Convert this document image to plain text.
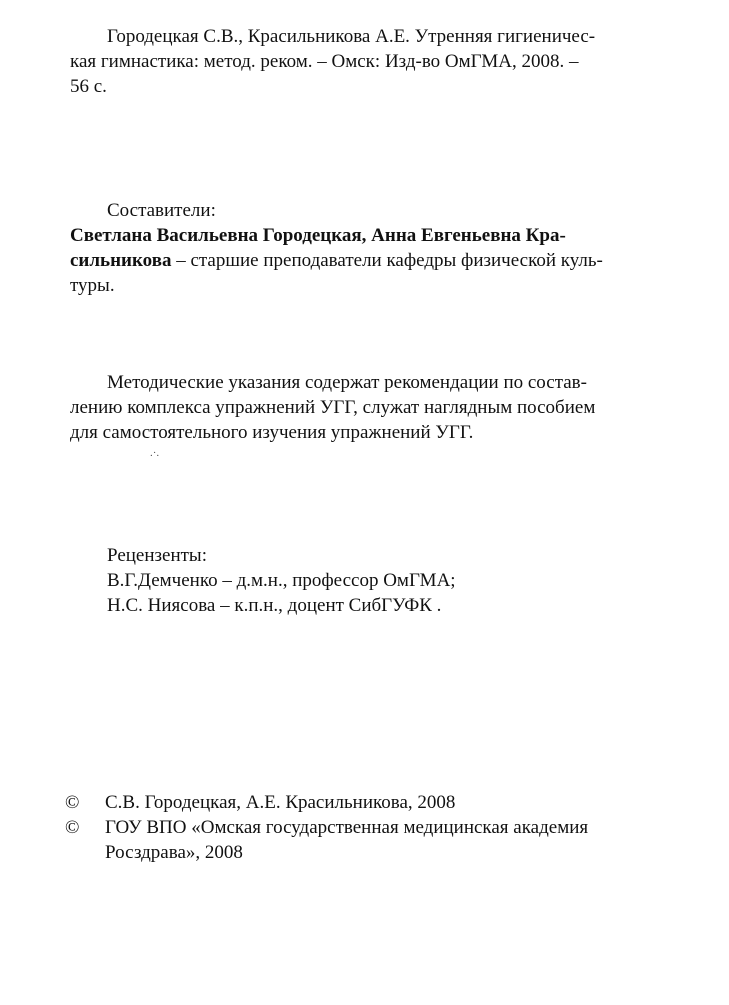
Городецкая С.В., Красильникова А.Е. Утренняя гигиеничес-
кая гимнастика: метод. реком. – Омск: Изд-во ОмГМА, 2008. –
56 с.
Составители:
Светлана Васильевна Городецкая, Анна Евгеньевна Кра-
сильникова – старшие преподаватели кафедры физической куль-
туры.
Методические указания содержат рекомендации по состав-
лению комплекса упражнений УГГ, служат наглядным пособием
для самостоятельного изучения упражнений УГГ.
.·.
Рецензенты:
В.Г.Демченко – д.м.н., профессор ОмГМА;
Н.С. Ниясова – к.п.н., доцент СибГУФК .
©	С.В. Городецкая, А.Е. Красильникова, 2008
©	ГОУ ВПО «Омская государственная медицинская академия Росздрава», 2008
